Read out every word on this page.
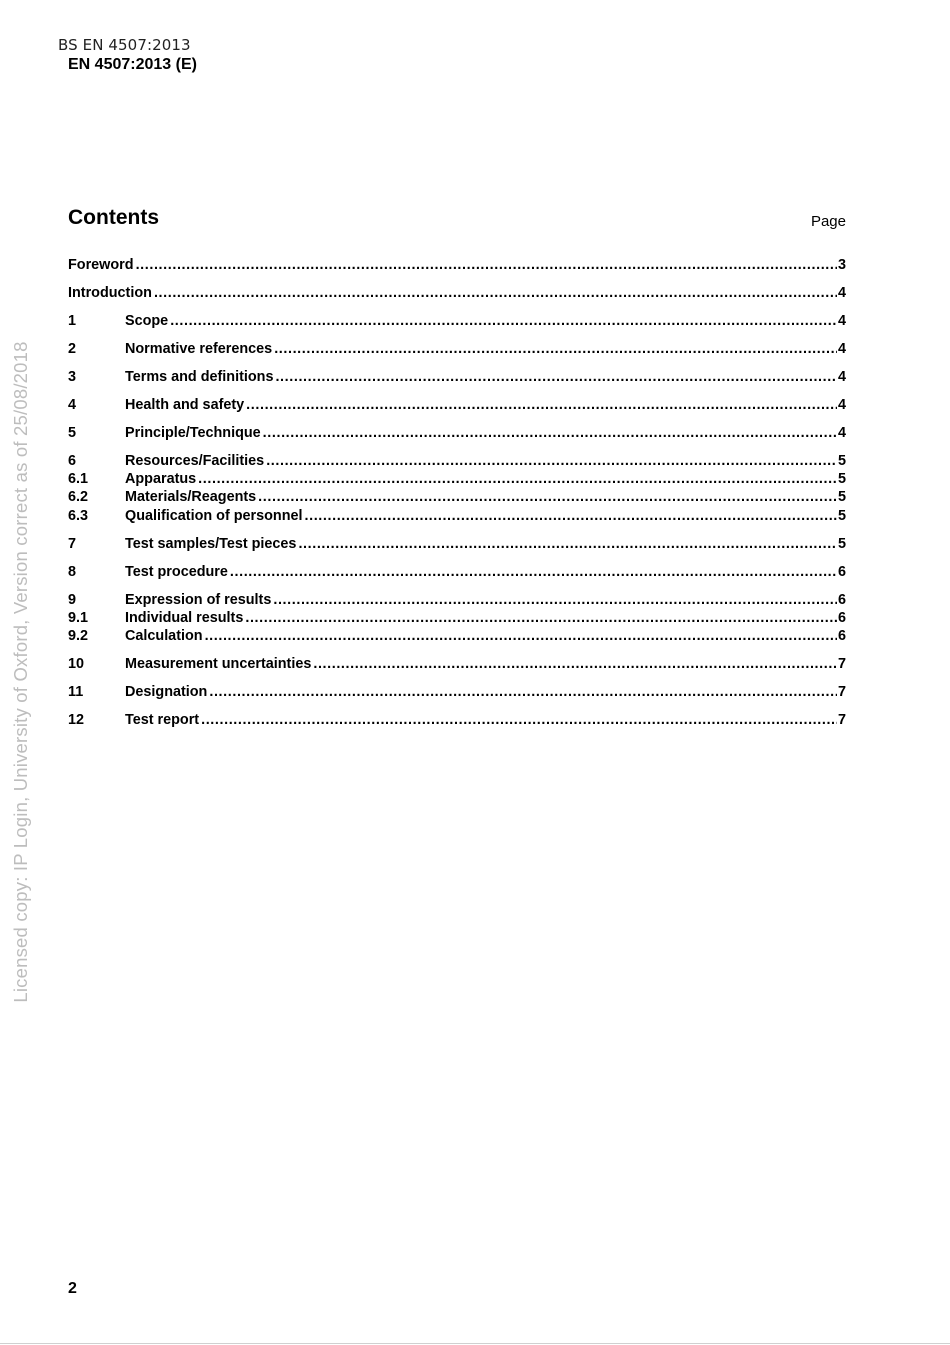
BS EN 4507:2013
EN 4507:2013 (E)
Licensed copy: IP Login, University of Oxford, Version correct as of 25/08/2018
Contents	Page
Foreword .....	3
Introduction .....	4
1	Scope .....	4
2	Normative references .....	4
3	Terms and definitions .....	4
4	Health and safety .....	4
5	Principle/Technique .....	4
6	Resources/Facilities .....	5
6.1	Apparatus .....	5
6.2	Materials/Reagents .....	5
6.3	Qualification of personnel .....	5
7	Test samples/Test pieces .....	5
8	Test procedure .....	6
9	Expression of results .....	6
9.1	Individual results .....	6
9.2	Calculation .....	6
10	Measurement uncertainties .....	7
11	Designation .....	7
12	Test report .....	7
2
